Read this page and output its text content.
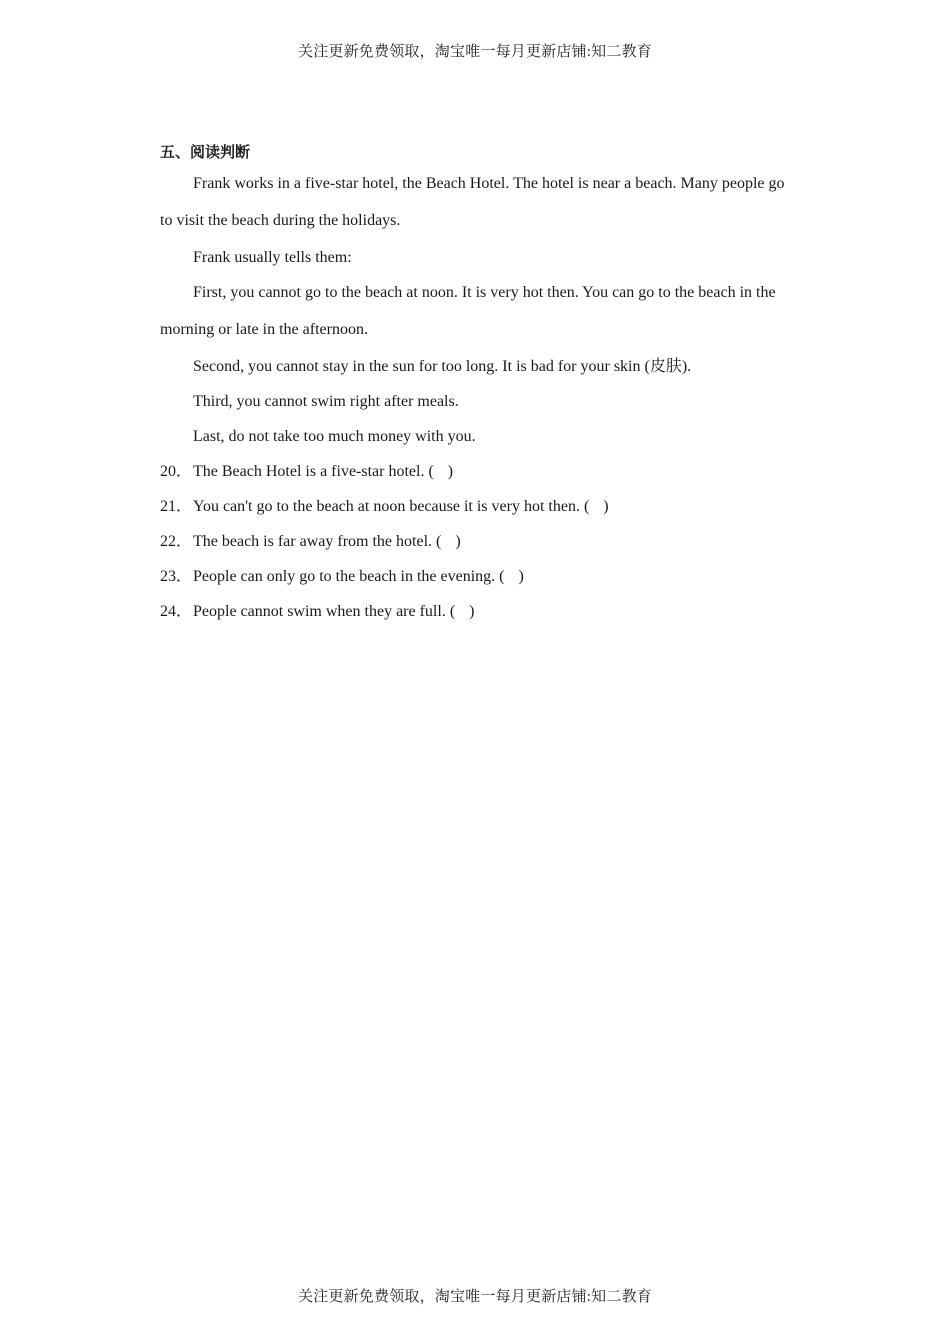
关注更新免费领取，淘宝唯一每月更新店铺:知二教育
五、阅读判断

Frank works in a five-star hotel, the Beach Hotel. The hotel is near a beach. Many people go to visit the beach during the holidays.

Frank usually tells them:

First, you cannot go to the beach at noon. It is very hot then. You can go to the beach in the morning or late in the afternoon.

Second, you cannot stay in the sun for too long. It is bad for your skin (皮肤).

Third, you cannot swim right after meals.

Last, do not take too much money with you.

20． The Beach Hotel is a five-star hotel. ( )
21． You can't go to the beach at noon because it is very hot then. ( )
22． The beach is far away from the hotel. ( )
23． People can only go to the beach in the evening. ( )
24． People cannot swim when they are full. ( )
关注更新免费领取，淘宝唯一每月更新店铺:知二教育
